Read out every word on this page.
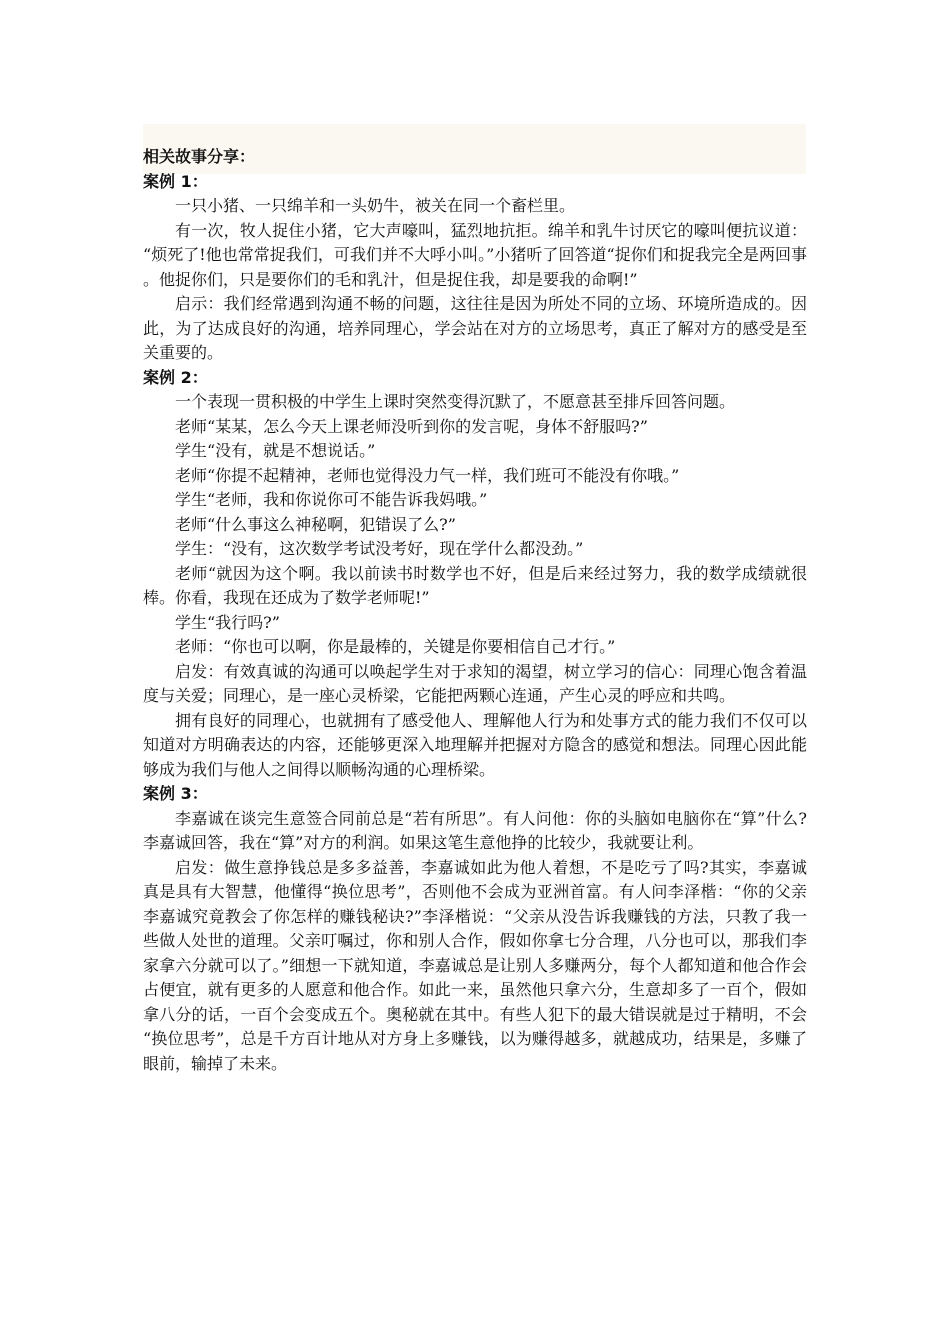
相关故事分享：
案例 1：

一只小猪、一只绵羊和一头奶牛，被关在同一个畜栏里。

有一次，牧人捉住小猪，它大声嚎叫，猛烈地抗拒。绵羊和乳牛讨厌它的嚎叫便抗议道：“烦死了!他也常常捉我们，可我们并不大呼小叫。”小猪听了回答道“捉你们和捉我完全是两回事。他捉你们，只是要你们的毛和乳汁，但是捉住我，却是要我的命啊!”

启示：我们经常遇到沟通不畅的问题，这往往是因为所处不同的立场、环境所造成的。因此，为了达成良好的沟通，培养同理心，学会站在对方的立场思考，真正了解对方的感受是至关重要的。

案例 2：

一个表现一贯积极的中学生上课时突然变得沉默了，不愿意甚至排斥回答问题。

老师“某某，怎么今天上课老师没听到你的发言呢，身体不舒服吗?”

学生“没有，就是不想说话。”

老师“你提不起精神，老师也觉得没力气一样，我们班可不能没有你哦。”

学生“老师，我和你说你可不能告诉我妈哦。”

老师“什么事这么神秘啊，犯错误了么?”

学生：“没有，这次数学考试没考好，现在学什么都没劲。”

老师“就因为这个啊。我以前读书时数学也不好，但是后来经过努力，我的数学成绩就很棒。你看，我现在还成为了数学老师呢!”

学生“我行吗?”

老师：“你也可以啊，你是最棒的，关键是你要相信自己才行。”

启发：有效真诚的沟通可以唤起学生对于求知的渴望，树立学习的信心：同理心饱含着温度与关爱；同理心，是一座心灵桥梁，它能把两颗心连通，产生心灵的呼应和共鸣。

拥有良好的同理心，也就拥有了感受他人、理解他人行为和处事方式的能力我们不仅可以知道对方明确表达的内容，还能够更深入地理解并把握对方隐含的感觉和想法。同理心因此能够成为我们与他人之间得以顺畅沟通的心理桥梁。

案例 3：

李嘉诚在谈完生意签合同前总是“若有所思”。有人问他：你的头脑如电脑你在“算”什么?李嘉诚回答，我在“算”对方的利润。如果这笔生意他挣的比较少，我就要让利。

启发：做生意挣钱总是多多益善，李嘉诚如此为他人着想，不是吃亏了吗?其实，李嘉诚真是具有大智慧，他懂得“换位思考”，否则他不会成为亚洲首富。有人问李泽楷：“你的父亲李嘉诚究竟教会了你怎样的赚钱秘诀?”李泽楷说：“父亲从没告诉我赚钱的方法，只教了我一些做人处世的道理。父亲叮嘱过，你和别人合作，假如你拿七分合理，八分也可以，那我们李家拿六分就可以了。”细想一下就知道，李嘉诚总是让别人多赚两分，每个人都知道和他合作会占便宜，就有更多的人愿意和他合作。如此一来，虽然他只拿六分，生意却多了一百个，假如拿八分的话，一百个会变成五个。奥秘就在其中。有些人犯下的最大错误就是过于精明，不会“换位思考”，总是千方百计地从对方身上多赚钱，以为赚得越多，就越成功，结果是，多赚了眼前，输掉了未来。
